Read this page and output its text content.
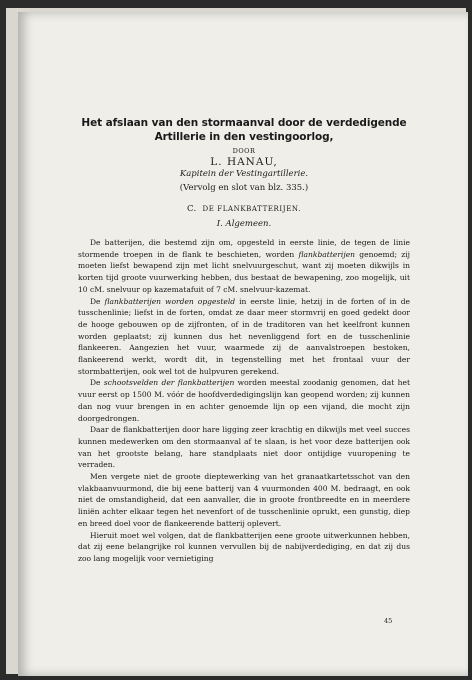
Het afslaan van den stormaanval door de verdedigende
Artillerie in den vestingoorlog,
DOOR
L. HANAU,
Kapitein der Vestingartillerie.
(Vervolg en slot van blz. 335.)
C. DE FLANKBATTERIJEN.
I. Algemeen.

De batterijen, die bestemd zijn om, opgesteld in eerste linie, de tegen de linie stormende troepen in de flank te beschieten, worden flankbatterijen genoemd; zij moeten liefst bewapend zijn met licht snelvuurgeschut, want zij moeten dikwijls in korten tijd groote vuurwerking hebben, dus bestaat de bewapening, zoo mogelijk, uit 10 cM. snelvuur op kazematafuit of 7 cM. snelvuur-kazemat.

De flankbatterijen worden opgesteld in eerste linie, hetzij in de forten of in de tusschenlinie; liefst in de forten, omdat ze daar meer stormvrij en goed gedekt door de hooge gebouwen op de zijfronten, of in de traditoren van het keelfront kunnen worden geplaatst; zij kunnen dus het nevenliggend fort en de tusschenlinie flankeeren. Aangezien het vuur, waarmede zij de aanvalstroepen bestoken, flankeerend werkt, wordt dit, in tegenstelling met het frontaal vuur der stormbatterijen, ook wel tot de hulpvuren gerekend.

De schootsvelden der flankbatterijen worden meestal zoodanig genomen, dat het vuur eerst op 1500 M. vóór de hoofdverdedigingslijn kan geopend worden; zij kunnen dan nog vuur brengen in en achter genoemde lijn op een vijand, die mocht zijn doorgedrongen.

Daar de flankbatterijen door hare ligging zeer krachtig en dikwijls met veel succes kunnen medewerken om den stormaanval af te slaan, is het voor deze batterijen ook van het grootste belang, hare standplaats niet door ontijdige vuuropening te verraden.

Men vergete niet de groote dieptewerking van het granaatkartetsschot van den vlakbaanvuurmond, die bij eene batterij van 4 vuurmonden 400 M. bedraagt, en ook niet de omstandigheid, dat een aanvaller, die in groote frontbreedte en in meerdere liniën achter elkaar tegen het nevenfort of de tusschenlinie oprukt, een gunstig, diep en breed doel voor de flankeerende batterij oplevert.

Hieruit moet wel volgen, dat de flankbatterijen eene groote uitwerkunnen hebben, dat zij eene belangrijke rol kunnen vervullen bij de nabijverdediging, en dat zij dus zoo lang mogelijk voor vernietiging

45
